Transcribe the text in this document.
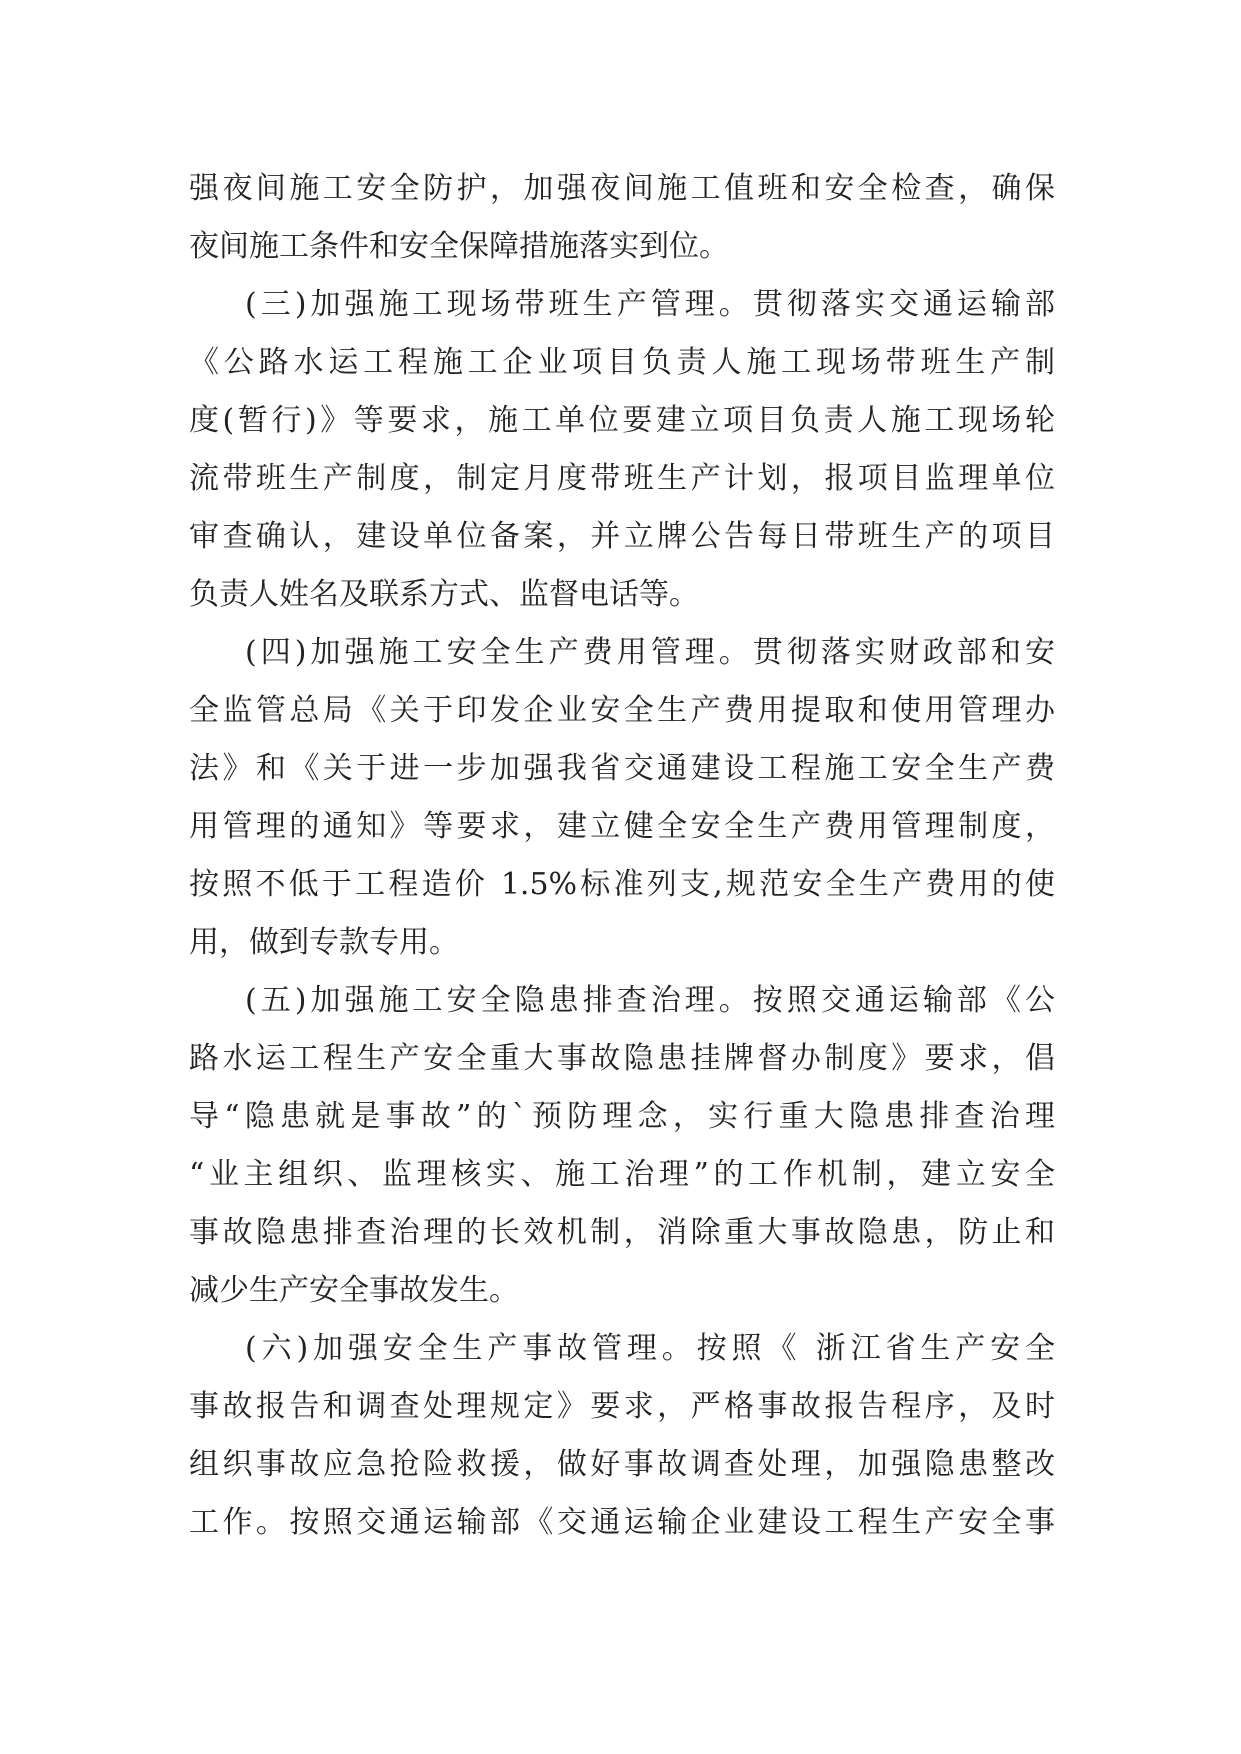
强夜间施工安全防护，加强夜间施工值班和安全检查，确保
夜间施工条件和安全保障措施落实到位。
(三)加强施工现场带班生产管理。贯彻落实交通运输部
《公路水运工程施工企业项目负责人施工现场带班生产制
度(暂行)》等要求，施工单位要建立项目负责人施工现场轮
流带班生产制度，制定月度带班生产计划，报项目监理单位
审查确认，建设单位备案，并立牌公告每日带班生产的项目
负责人姓名及联系方式、监督电话等。
(四)加强施工安全生产费用管理。贯彻落实财政部和安
全监管总局《关于印发企业安全生产费用提取和使用管理办
法》和《关于进一步加强我省交通建设工程施工安全生产费
用管理的通知》等要求，建立健全安全生产费用管理制度，
按照不低于工程造价 1.5%标准列支,规范安全生产费用的使
用，做到专款专用。
(五)加强施工安全隐患排查治理。按照交通运输部《公
路水运工程生产安全重大事故隐患挂牌督办制度》要求，倡
导“隐患就是事故”的`预防理念，实行重大隐患排查治理
“业主组织、监理核实、施工治理”的工作机制，建立安全
事故隐患排查治理的长效机制，消除重大事故隐患，防止和
减少生产安全事故发生。
(六)加强安全生产事故管理。按照《 浙江省生产安全
事故报告和调查处理规定》要求，严格事故报告程序，及时
组织事故应急抢险救援，做好事故调查处理，加强隐患整改
工作。按照交通运输部《交通运输企业建设工程生产安全事
